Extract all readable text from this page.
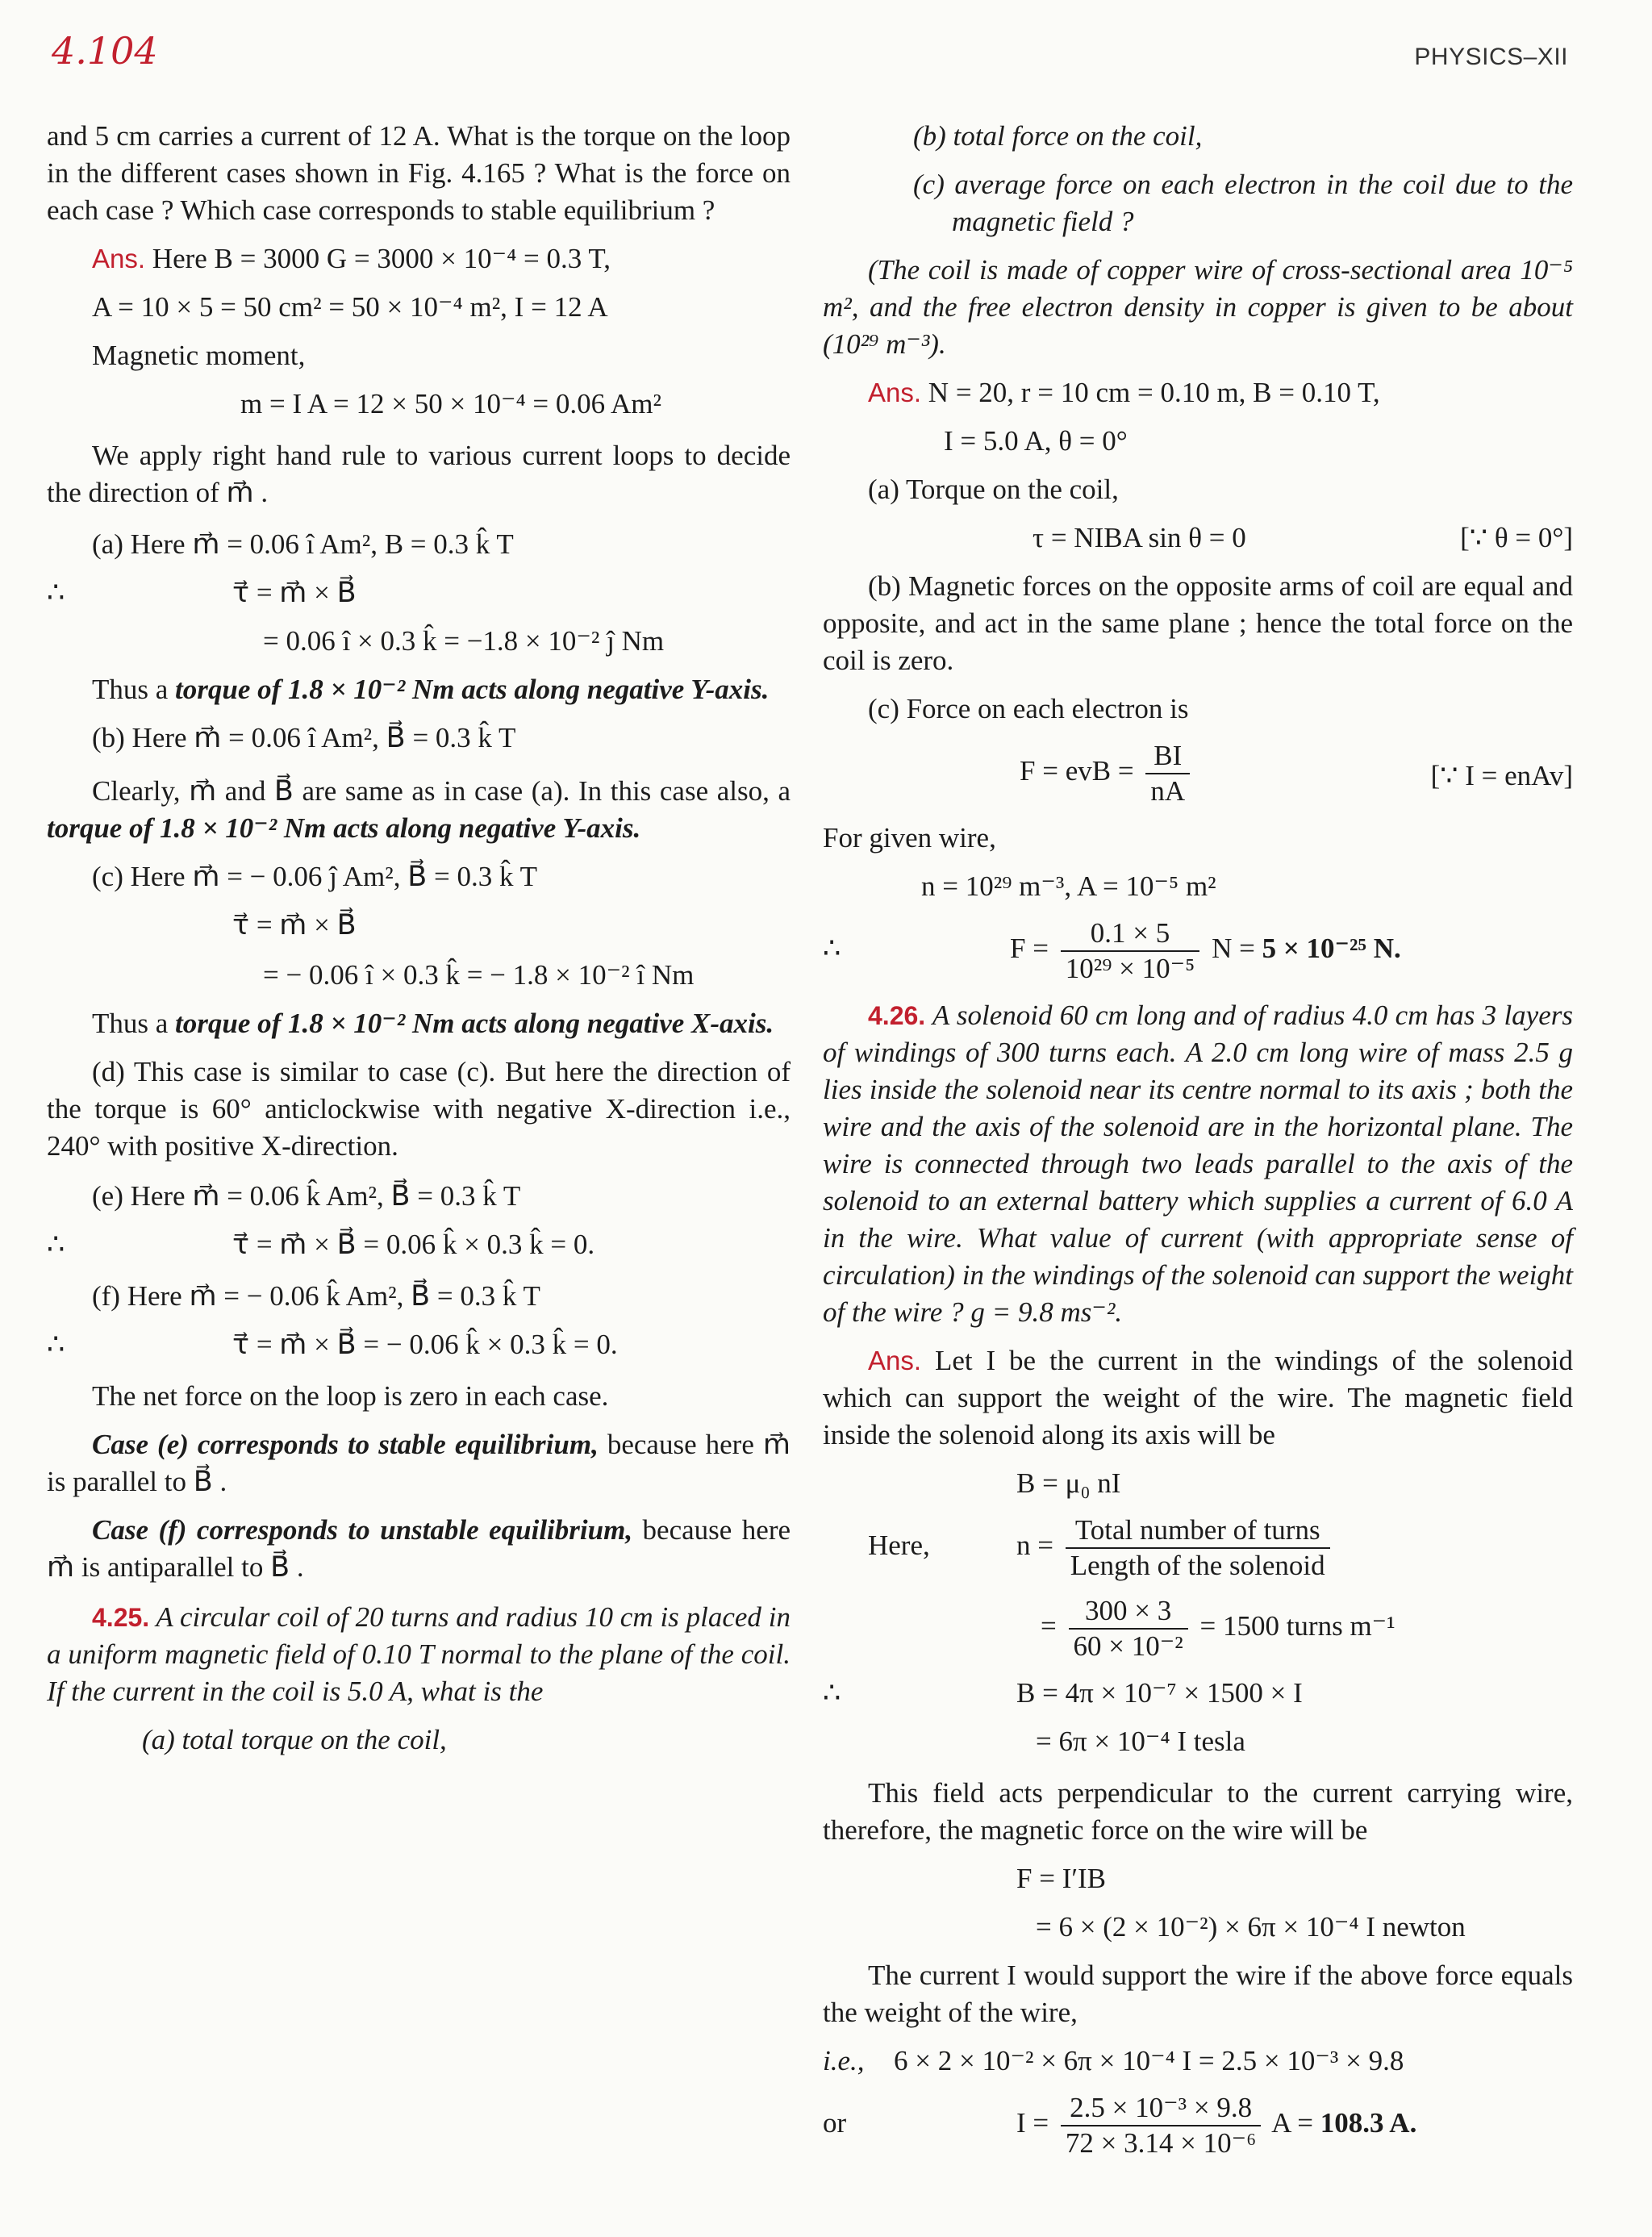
4.104	PHYSICS–XII

and 5 cm carries a current of 12 A. What is the torque on the loop in the different cases shown in Fig. 4.165 ? What is the force on each case ? Which case corresponds to stable equilibrium ?

Ans. Here B = 3000 G = 3000 × 10⁻⁴ = 0.3 T,

A = 10 × 5 = 50 cm² = 50 × 10⁻⁴ m², I = 12 A

Magnetic moment,

m = I A = 12 × 50 × 10⁻⁴ = 0.06 Am²

We apply right hand rule to various current loops to decide the direction of m⃗ .

(a) Here m⃗ = 0.06 î Am², B = 0.3 k̂ T

∴	τ⃗ = m⃗ × B⃗

= 0.06 î × 0.3 k̂ = −1.8 × 10⁻² ĵ Nm

Thus a torque of 1.8 × 10⁻² Nm acts along negative Y-axis.

(b) Here m⃗ = 0.06 î Am², B⃗ = 0.3 k̂ T

Clearly, m⃗ and B⃗ are same as in case (a). In this case also, a torque of 1.8 × 10⁻² Nm acts along negative Y-axis.

(c) Here m⃗ = − 0.06 ĵ Am², B⃗ = 0.3 k̂ T

τ⃗ = m⃗ × B⃗

= − 0.06 î × 0.3 k̂ = − 1.8 × 10⁻² î Nm

Thus a torque of 1.8 × 10⁻² Nm acts along negative X-axis.

(d) This case is similar to case (c). But here the direction of the torque is 60° anticlockwise with negative X-direction i.e., 240° with positive X-direction.

(e) Here m⃗ = 0.06 k̂ Am², B⃗ = 0.3 k̂ T

∴	τ⃗ = m⃗ × B⃗ = 0.06 k̂ × 0.3 k̂ = 0.

(f) Here m⃗ = − 0.06 k̂ Am², B⃗ = 0.3 k̂ T

∴	τ⃗ = m⃗ × B⃗ = − 0.06 k̂ × 0.3 k̂ = 0.

The net force on the loop is zero in each case.

Case (e) corresponds to stable equilibrium, because here m⃗ is parallel to B⃗ .

Case (f) corresponds to unstable equilibrium, because here m⃗ is antiparallel to B⃗ .

4.25. A circular coil of 20 turns and radius 10 cm is placed in a uniform magnetic field of 0.10 T normal to the plane of the coil. If the current in the coil is 5.0 A, what is the

(a) total torque on the coil,

(b) total force on the coil,

(c) average force on each electron in the coil due to the magnetic field ?

(The coil is made of copper wire of cross-sectional area 10⁻⁵ m², and the free electron density in copper is given to be about (10²⁹ m⁻³).

Ans. N = 20, r = 10 cm = 0.10 m, B = 0.10 T,

I = 5.0 A, θ = 0°

(a) Torque on the coil,

τ = NIBA sin θ = 0	[∵ θ = 0°]

(b) Magnetic forces on the opposite arms of coil are equal and opposite, and act in the same plane ; hence the total force on the coil is zero.

(c) Force on each electron is

F = evB = $\frac{BI}{nA}$	[∵ I = enAv]

For given wire,

n = 10²⁹ m⁻³, A = 10⁻⁵ m²

∴	$F = \frac{0.1 \times 5}{\text{10²⁹ × 10⁻⁵}}$ N = 5 × 10⁻²⁵ N.

4.26. A solenoid 60 cm long and of radius 4.0 cm has 3 layers of windings of 300 turns each. A 2.0 cm long wire of mass 2.5 g lies inside the solenoid near its centre normal to its axis ; both the wire and the axis of the solenoid are in the horizontal plane. The wire is connected through two leads parallel to the axis of the solenoid to an external battery which supplies a current of 6.0 A in the wire. What value of current (with appropriate sense of circulation) in the windings of the solenoid can support the weight of the wire ? g = 9.8 ms⁻².

Ans. Let I be the current in the windings of the solenoid which can support the weight of the wire. The magnetic field inside the solenoid along its axis will be

B = μ₀ nI

Here,	$n = \frac{\text{Total number of turns}}{\text{Length of the solenoid}}$

= $\frac{300 \times 3}{\text{60 × 10⁻²}} = 1500$ turns m⁻¹

∴	B = 4π × 10⁻⁷ × 1500 × I

= 6π × 10⁻⁴ I tesla

This field acts perpendicular to the current carrying wire, therefore, the magnetic force on the wire will be

F = I′IB

= 6 × (2 × 10⁻²) × 6π × 10⁻⁴ I newton

The current I would support the wire if the above force equals the weight of the wire,

i.e., 6 × 2 × 10⁻² × 6π × 10⁻⁴ I = 2.5 × 10⁻³ × 9.8

or	$I = \frac{\text{2.5 × 10⁻³ × 9.8}}{\text{72 × 3.14 × 10⁻⁶}}$ A = 108.3 A.
